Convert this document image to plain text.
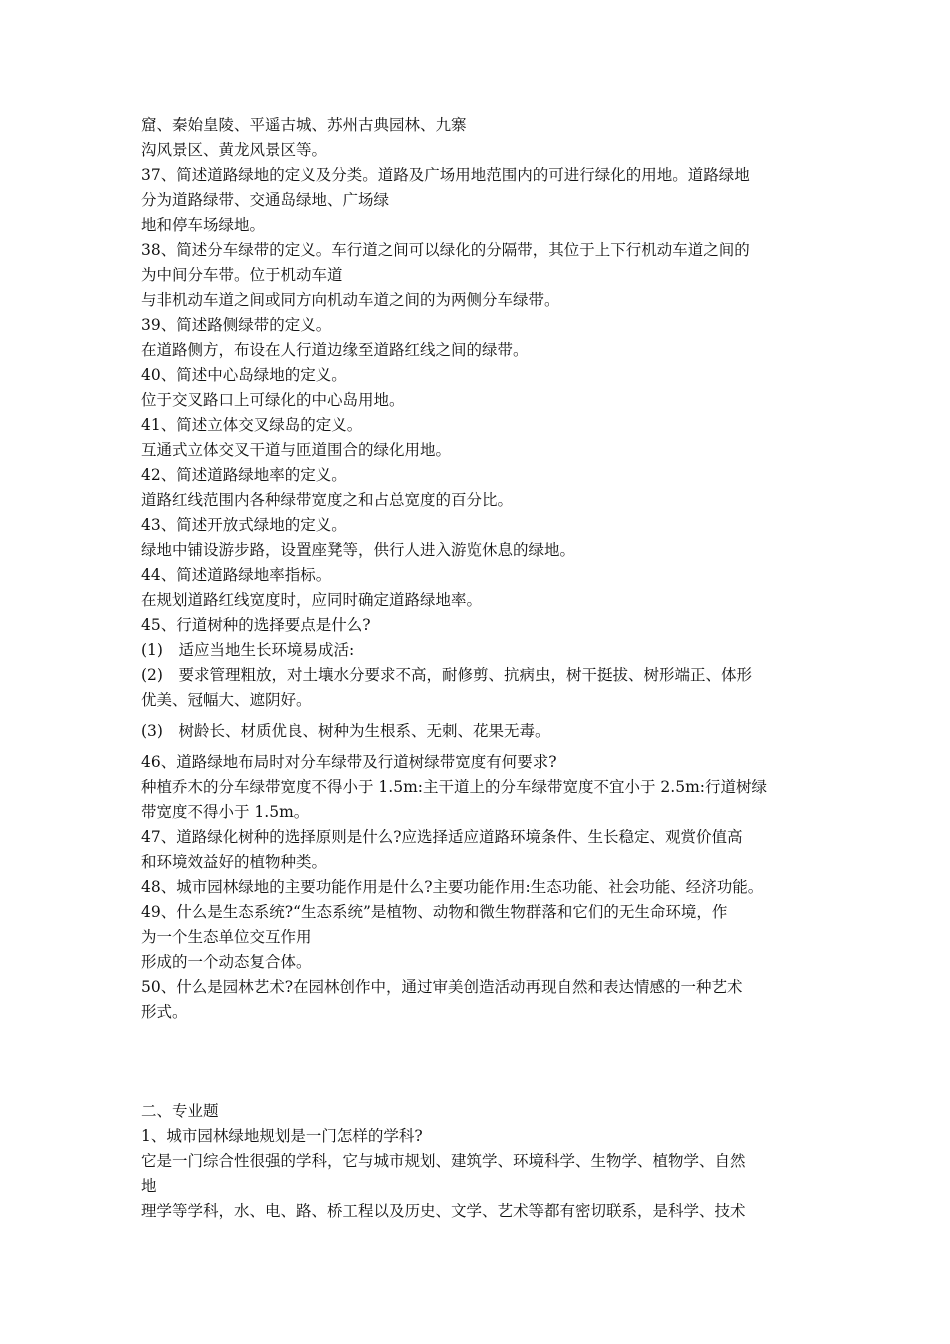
窟、秦始皇陵、平遥古城、苏州古典园林、九寨

沟风景区、黄龙风景区等。

37、简述道路绿地的定义及分类。道路及广场用地范围内的可进行绿化的用地。道路绿地

分为道路绿带、交通岛绿地、广场绿

地和停车场绿地。

38、简述分车绿带的定义。车行道之间可以绿化的分隔带，其位于上下行机动车道之间的

为中间分车带。位于机动车道

与非机动车道之间或同方向机动车道之间的为两侧分车绿带。

39、简述路侧绿带的定义。

在道路侧方，布设在人行道边缘至道路红线之间的绿带。

40、简述中心岛绿地的定义。

位于交叉路口上可绿化的中心岛用地。

41、简述立体交叉绿岛的定义。

互通式立体交叉干道与匝道围合的绿化用地。

42、简述道路绿地率的定义。

道路红线范围内各种绿带宽度之和占总宽度的百分比。

43、简述开放式绿地的定义。

绿地中铺设游步路，设置座凳等，供行人进入游览休息的绿地。

44、简述道路绿地率指标。

在规划道路红线宽度时，应同时确定道路绿地率。

45、行道树种的选择要点是什么?

(1)　适应当地生长环境易成活:

(2)　要求管理粗放，对土壤水分要求不高，耐修剪、抗病虫，树干挺拔、树形端正、体形

优美、冠幅大、遮阴好。

(3)　树龄长、材质优良、树种为生根系、无刺、花果无毒。

46、道路绿地布局时对分车绿带及行道树绿带宽度有何要求?

种植乔木的分车绿带宽度不得小于 1.5m:主干道上的分车绿带宽度不宜小于 2.5m:行道树绿

带宽度不得小于 1.5m。

47、道路绿化树种的选择原则是什么?应选择适应道路环境条件、生长稳定、观赏价值高

和环境效益好的植物种类。

48、城市园林绿地的主要功能作用是什么?主要功能作用:生态功能、社会功能、经济功能。

49、什么是生态系统?“生态系统”是植物、动物和微生物群落和它们的无生命环境，作

为一个生态单位交互作用

形成的一个动态复合体。

50、什么是园林艺术?在园林创作中，通过审美创造活动再现自然和表达情感的一种艺术

形式。

二、专业题

1、城市园林绿地规划是一门怎样的学科?

它是一门综合性很强的学科，它与城市规划、建筑学、环境科学、生物学、植物学、自然

地

理学等学科，水、电、路、桥工程以及历史、文学、艺术等都有密切联系，是科学、技术
